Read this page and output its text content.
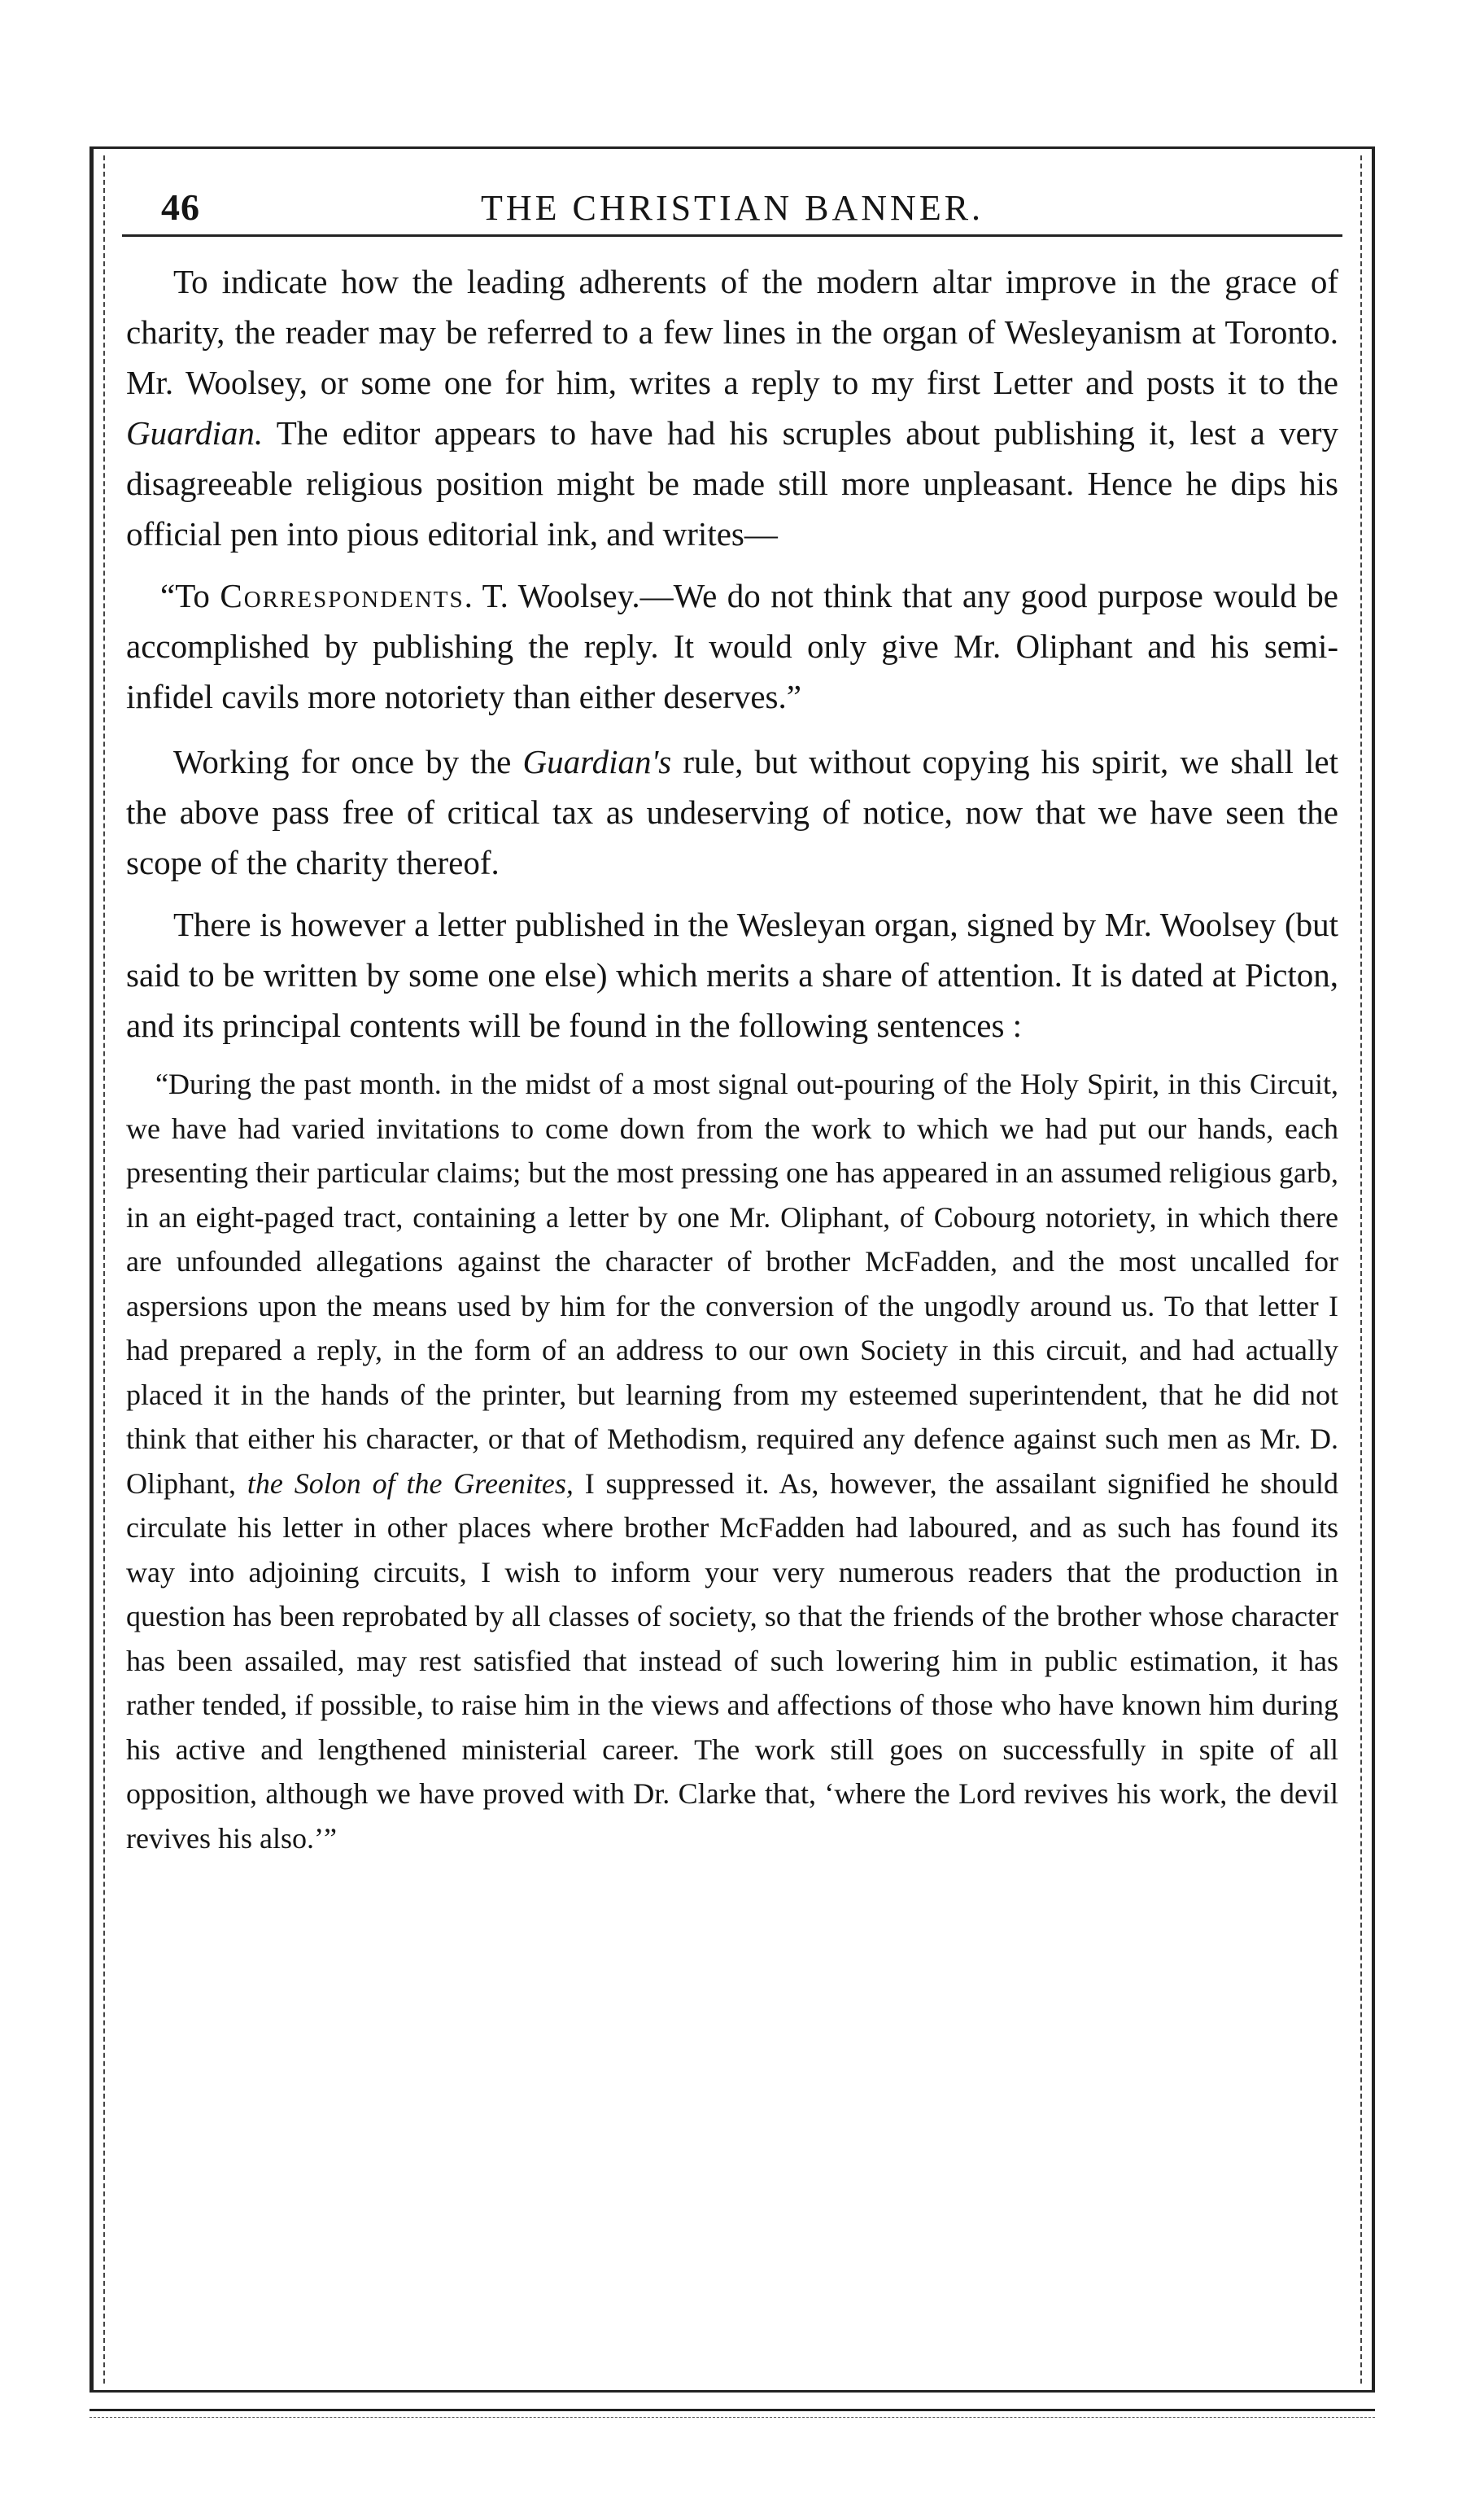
46	THE CHRISTIAN BANNER.

To indicate how the leading adherents of the modern altar improve in the grace of charity, the reader may be referred to a few lines in the organ of Wesleyanism at Toronto. Mr. Woolsey, or some one for him, writes a reply to my first Letter and posts it to the Guardian. The editor appears to have had his scruples about publishing it, lest a very disagreeable religious position might be made still more unpleasant. Hence he dips his official pen into pious editorial ink, and writes—

“To Correspondents. T. Woolsey.—We do not think that any good purpose would be accomplished by publishing the reply. It would only give Mr. Oliphant and his semi-infidel cavils more notoriety than either deserves.”

Working for once by the Guardian's rule, but without copying his spirit, we shall let the above pass free of critical tax as undeserving of notice, now that we have seen the scope of the charity thereof.

There is however a letter published in the Wesleyan organ, signed by Mr. Woolsey (but said to be written by some one else) which merits a share of attention. It is dated at Picton, and its principal contents will be found in the following sentences :

“During the past month. in the midst of a most signal out-pouring of the Holy Spirit, in this Circuit, we have had varied invitations to come down from the work to which we had put our hands, each presenting their particular claims; but the most pressing one has appeared in an assumed religious garb, in an eight-paged tract, containing a letter by one Mr. Oliphant, of Cobourg notoriety, in which there are unfounded allegations against the character of brother McFadden, and the most uncalled for aspersions upon the means used by him for the conversion of the ungodly around us. To that letter I had prepared a reply, in the form of an address to our own Society in this circuit, and had actually placed it in the hands of the printer, but learning from my esteemed superintendent, that he did not think that either his character, or that of Methodism, required any defence against such men as Mr. D. Oliphant, the Solon of the Greenites, I suppressed it. As, however, the assailant signified he should circulate his letter in other places where brother McFadden had laboured, and as such has found its way into adjoining circuits, I wish to inform your very numerous readers that the production in question has been reprobated by all classes of society, so that the friends of the brother whose character has been assailed, may rest satisfied that instead of such lowering him in public estimation, it has rather tended, if possible, to raise him in the views and affections of those who have known him during his active and lengthened ministerial career. The work still goes on successfully in spite of all opposition, although we have proved with Dr. Clarke that, ‘where the Lord revives his work, the devil revives his also.’”
